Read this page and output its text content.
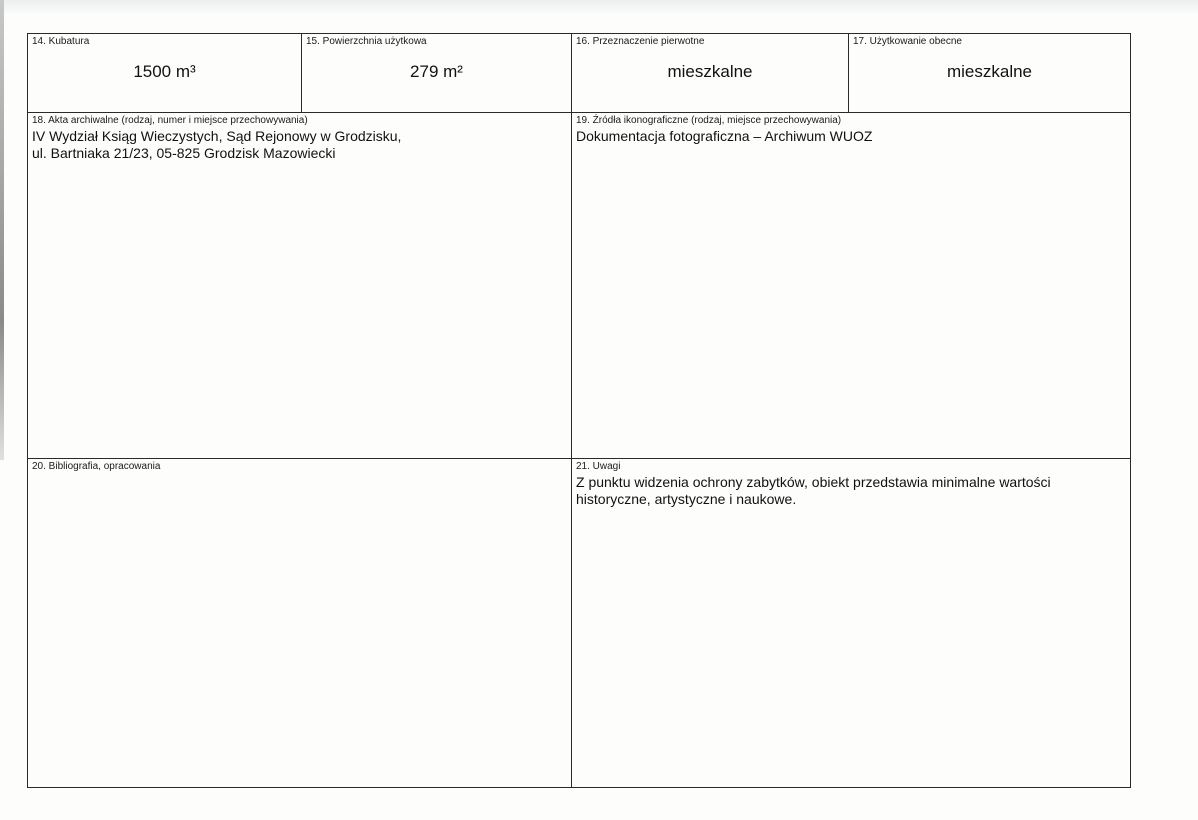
14. Kubatura
1500 m³
15. Powierzchnia użytkowa
279 m²
16. Przeznaczenie pierwotne
mieszkalne
17. Użytkowanie obecne
mieszkalne
18. Akta archiwalne (rodzaj, numer i miejsce przechowywania)
IV Wydział Ksiąg Wieczystych, Sąd Rejonowy w Grodzisku,
ul. Bartniaka 21/23, 05-825 Grodzisk Mazowiecki
19. Źródła ikonograficzne (rodzaj, miejsce przechowywania)
Dokumentacja fotograficzna – Archiwum WUOZ
20. Bibliografia, opracowania	21. Uwagi
Z punktu widzenia ochrony zabytków, obiekt przedstawia minimalne wartości
historyczne, artystyczne i naukowe.
